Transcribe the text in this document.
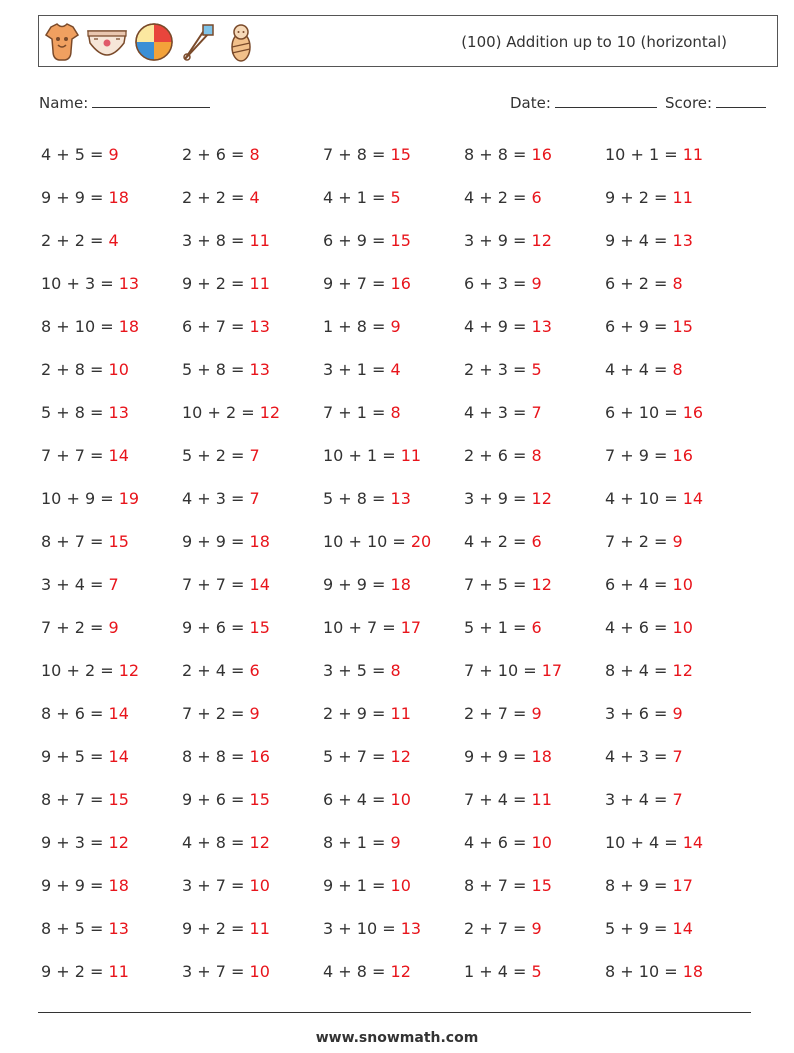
(100) Addition up to 10 (horizontal)
Name:	Date:	Score:
4 + 5 = 9	2 + 6 = 8	7 + 8 = 15	8 + 8 = 16	10 + 1 = 11
9 + 9 = 18	2 + 2 = 4	4 + 1 = 5	4 + 2 = 6	9 + 2 = 11
2 + 2 = 4	3 + 8 = 11	6 + 9 = 15	3 + 9 = 12	9 + 4 = 13
10 + 3 = 13	9 + 2 = 11	9 + 7 = 16	6 + 3 = 9	6 + 2 = 8
8 + 10 = 18	6 + 7 = 13	1 + 8 = 9	4 + 9 = 13	6 + 9 = 15
2 + 8 = 10	5 + 8 = 13	3 + 1 = 4	2 + 3 = 5	4 + 4 = 8
5 + 8 = 13	10 + 2 = 12	7 + 1 = 8	4 + 3 = 7	6 + 10 = 16
7 + 7 = 14	5 + 2 = 7	10 + 1 = 11	2 + 6 = 8	7 + 9 = 16
10 + 9 = 19	4 + 3 = 7	5 + 8 = 13	3 + 9 = 12	4 + 10 = 14
8 + 7 = 15	9 + 9 = 18	10 + 10 = 20	4 + 2 = 6	7 + 2 = 9
3 + 4 = 7	7 + 7 = 14	9 + 9 = 18	7 + 5 = 12	6 + 4 = 10
7 + 2 = 9	9 + 6 = 15	10 + 7 = 17	5 + 1 = 6	4 + 6 = 10
10 + 2 = 12	2 + 4 = 6	3 + 5 = 8	7 + 10 = 17	8 + 4 = 12
8 + 6 = 14	7 + 2 = 9	2 + 9 = 11	2 + 7 = 9	3 + 6 = 9
9 + 5 = 14	8 + 8 = 16	5 + 7 = 12	9 + 9 = 18	4 + 3 = 7
8 + 7 = 15	9 + 6 = 15	6 + 4 = 10	7 + 4 = 11	3 + 4 = 7
9 + 3 = 12	4 + 8 = 12	8 + 1 = 9	4 + 6 = 10	10 + 4 = 14
9 + 9 = 18	3 + 7 = 10	9 + 1 = 10	8 + 7 = 15	8 + 9 = 17
8 + 5 = 13	9 + 2 = 11	3 + 10 = 13	2 + 7 = 9	5 + 9 = 14
9 + 2 = 11	3 + 7 = 10	4 + 8 = 12	1 + 4 = 5	8 + 10 = 18
www.snowmath.com
